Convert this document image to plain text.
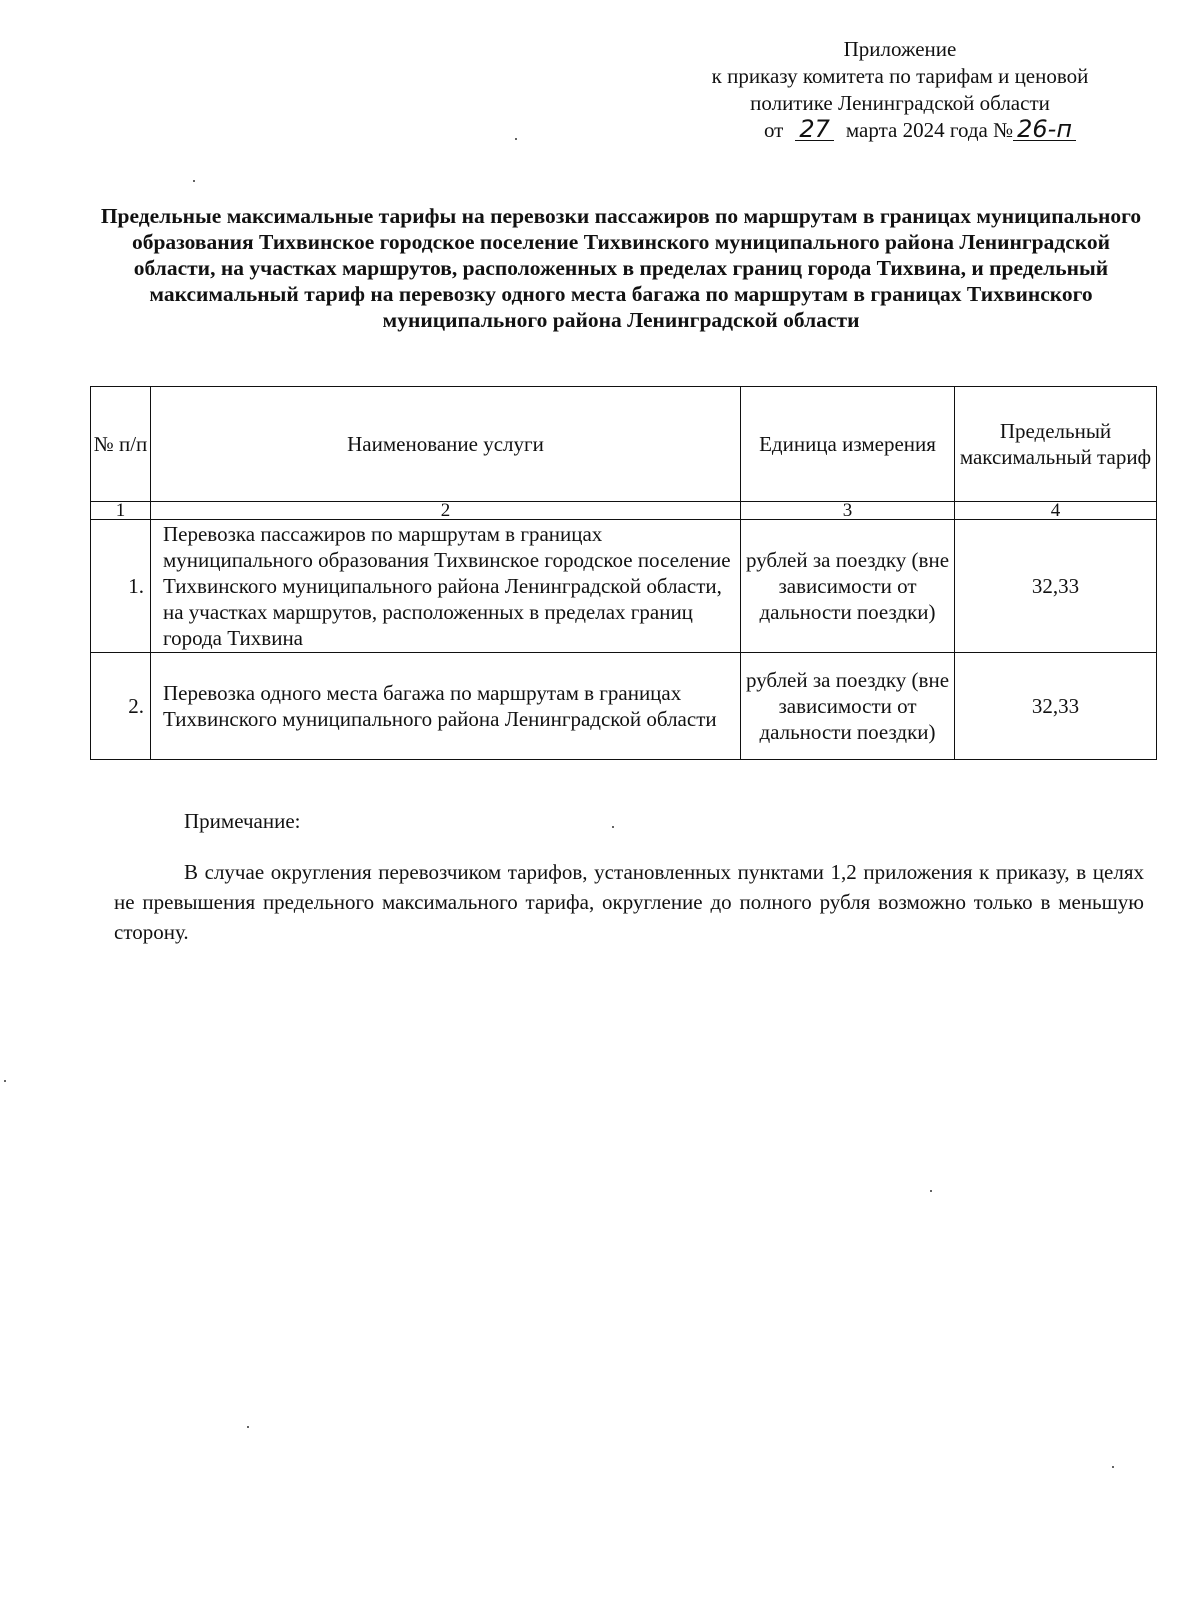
Приложение
к приказу комитета по тарифам и ценовой
политике Ленинградской области
от 27 марта 2024 года № 26-п
Предельные максимальные тарифы на перевозки пассажиров по маршрутам в границах муниципального образования Тихвинское городское поселение Тихвинского муниципального района Ленинградской области, на участках маршрутов, расположенных в пределах границ города Тихвина, и предельный максимальный тариф на перевозку одного места багажа по маршрутам в границах Тихвинского муниципального района Ленинградской области
№ п/п	Наименование услуги	Единица измерения	Предельный максимальный тариф
1	2	3	4
1.	Перевозка пассажиров по маршрутам в границах муниципального образования Тихвинское городское поселение Тихвинского муниципального района Ленинградской области, на участках маршрутов, расположенных в пределах границ города Тихвина	рублей за поездку (вне зависимости от дальности поездки)	32,33
2.	Перевозка одного места багажа по маршрутам в границах Тихвинского муниципального района Ленинградской области	рублей за поездку (вне зависимости от дальности поездки)	32,33
Примечание:
В случае округления перевозчиком тарифов, установленных пунктами 1,2 приложения к приказу, в целях не превышения предельного максимального тарифа, округление до полного рубля возможно только в меньшую сторону.
